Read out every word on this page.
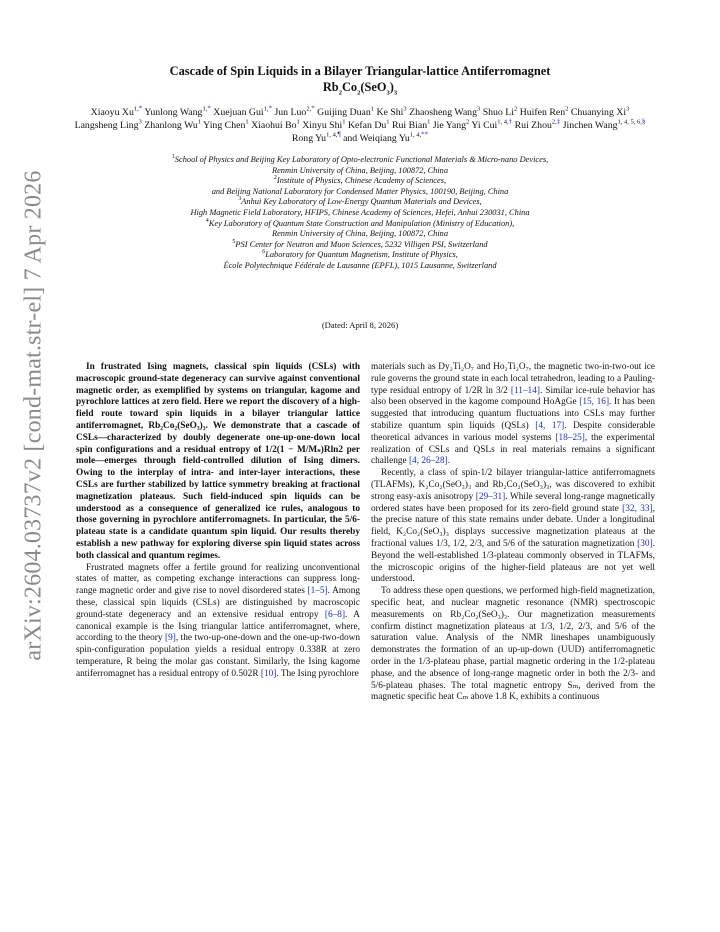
arXiv:2604.03737v2 [cond-mat.str-el] 7 Apr 2026
Cascade of Spin Liquids in a Bilayer Triangular-lattice Antiferromagnet
$Rb_2Co_2(SeO_3)_3$
Xiaoyu $Xu^{1,*}$ Yunlong Wang$^{1,*}$ Xuejuan Gui$^{1,*}$ Jun Luo$^{2,*}$ Guijing Duan$^1$ Ke Shi$^3$ Zhaosheng Wang$^3$ Shuo Li$^2$ Huifen Ren$^2$ Chuanying Xi$^3$ Langsheng Ling$^3$ Zhanlong Wu$^1$ Ying Chen$^1$ Xiaohui Bo$^1$ Xinyu Shi$^1$ Kefan Du$^1$ Rui Bian$^1$ Jie Yang$^2$ Yi Cui$^{1, 4,\dagger}$ Rui Zhou$^{2,\ddagger}$ Jinchen Wang$^{1, 4, 5, 6,\S}$ Rong $Yu^{1, 4,\P}$ and Weiqiang $Yu^{1, 4,**}$
$^1$School of Physics and Beijing Key Laboratory of Opto-electronic Functional Materials & Micro-nano Devices,
Renmin University of China, Beijing, 100872, China
$^2$Institute of Physics, Chinese Academy of Sciences,
and Beijing National Laboratory for Condensed Matter Physics, 100190, Beijing, China
$^3$Anhui Key Laboratory of Low-Energy Quantum Materials and Devices,
High Magnetic Field Laboratory, HFIPS, Chinese Academy of Sciences, Hefei, Anhui 230031, China
$^4$Key Laboratory of Quantum State Construction and Manipulation (Ministry of Education),
Renmin University of China, Beijing, 100872, China
$^5$PSI Center for Neutron and Muon Sciences, 5232 Villigen PSI, Switzerland
$^6$Laboratory for Quantum Magnetism, Institute of Physics,
École Polytechnique Fédérale de Lausanne (EPFL), 1015 Lausanne, Switzerland
(Dated: April 8, 2026)

In frustrated Ising magnets, classical spin liquids (CSLs) with macroscopic ground-state degeneracy can survive against conventional magnetic order, as exemplified by systems on triangular, kagome and pyrochlore lattices at zero field. Here we report the discovery of a high-field route toward spin liquids in a bilayer triangular lattice antiferromagnet, Rb₂Co₂(SeO₃)₃. We demonstrate that a cascade of CSLs—characterized by doubly degenerate one-up-one-down local spin configurations and a residual entropy of 1/2(1 − M/Mₛ)Rln2 per mole—emerges through field-controlled dilution of Ising dimers. Owing to the interplay of intra- and inter-layer interactions, these CSLs are further stabilized by lattice symmetry breaking at fractional magnetization plateaus. Such field-induced spin liquids can be understood as a consequence of generalized ice rules, analogous to those governing in pyrochlore antiferromagnets. In particular, the 5/6-plateau state is a candidate quantum spin liquid. Our results thereby establish a new pathway for exploring diverse spin liquid states across both classical and quantum regimes.

Frustrated magnets offer a fertile ground for realizing unconventional states of matter, as competing exchange interactions can suppress long-range magnetic order and give rise to novel disordered states [1–5]. Among these, classical spin liquids (CSLs) are distinguished by macroscopic ground-state degeneracy and an extensive residual entropy [6–8]. A canonical example is the Ising triangular lattice antiferromagnet, where, according to the theory [9], the two-up-one-down and the one-up-two-down spin-configuration population yields a residual entropy 0.338R at zero temperature, R being the molar gas constant. Similarly, the Ising kagome antiferromagnet has a residual entropy of 0.502R [10]. The Ising pyrochlore

materials such as Dy₂Ti₂O₇ and Ho₂Ti₂O₇, the magnetic two-in-two-out ice rule governs the ground state in each local tetrahedron, leading to a Pauling-type residual entropy of 1/2R ln 3/2 [11–14]. Similar ice-rule behavior has also been observed in the kagome compound HoAgGe [15, 16]. It has been suggested that introducing quantum fluctuations into CSLs may further stabilize quantum spin liquids (QSLs) [4, 17]. Despite considerable theoretical advances in various model systems [18–25], the experimental realization of CSLs and QSLs in real materials remains a significant challenge [4, 26–28].

Recently, a class of spin-1/2 bilayer triangular-lattice antiferromagnets (TLAFMs), K₂Co₂(SeO₃)₃ and Rb₂Co₂(SeO₃)₃, was discovered to exhibit strong easy-axis anisotropy [29–31]. While several long-range magnetically ordered states have been proposed for its zero-field ground state [32, 33], the precise nature of this state remains under debate. Under a longitudinal field, K₂Co₂(SeO₃)₃ displays successive magnetization plateaus at the fractional values 1/3, 1/2, 2/3, and 5/6 of the saturation magnetization [30]. Beyond the well-established 1/3-plateau commonly observed in TLAFMs, the microscopic origins of the higher-field plateaus are not yet well understood.

To address these open questions, we performed high-field magnetization, specific heat, and nuclear magnetic resonance (NMR) spectroscopic measurements on Rb₂Co₂(SeO₃)₃. Our magnetization measurements confirm distinct magnetization plateaus at 1/3, 1/2, 2/3, and 5/6 of the saturation value. Analysis of the NMR lineshapes unambiguously demonstrates the formation of an up-up-down (UUD) antiferromagnetic order in the 1/3-plateau phase, partial magnetic ordering in the 1/2-plateau phase, and the absence of long-range magnetic order in both the 2/3- and 5/6-plateau phases. The total magnetic entropy Sₘ, derived from the magnetic specific heat Cₘ above 1.8 K, exhibits a continuous
